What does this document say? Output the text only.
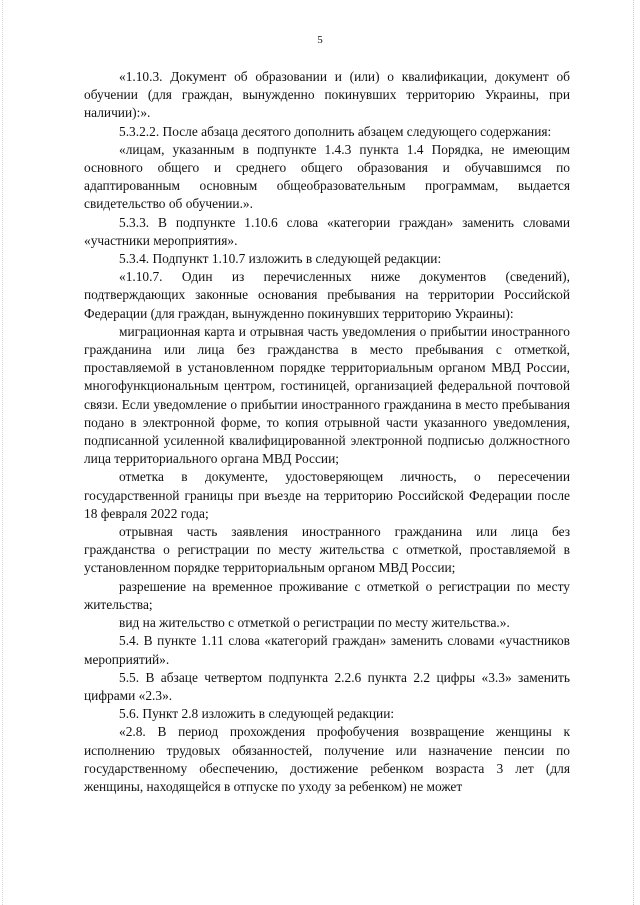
5

«1.10.3. Документ об образовании и (или) о квалификации, документ об обучении (для граждан, вынужденно покинувших территорию Украины, при наличии):».

5.3.2.2. После абзаца десятого дополнить абзацем следующего содержания:

«лицам, указанным в подпункте 1.4.3 пункта 1.4 Порядка, не имеющим основного общего и среднего общего образования и обучавшимся по адаптированным основным общеобразовательным программам, выдается свидетельство об обучении.».

5.3.3. В подпункте 1.10.6 слова «категории граждан» заменить словами «участники мероприятия».

5.3.4. Подпункт 1.10.7 изложить в следующей редакции:

«1.10.7. Один из перечисленных ниже документов (сведений), подтверждающих законные основания пребывания на территории Российской Федерации (для граждан, вынужденно покинувших территорию Украины):

миграционная карта и отрывная часть уведомления о прибытии иностранного гражданина или лица без гражданства в место пребывания с отметкой, проставляемой в установленном порядке территориальным органом МВД России, многофункциональным центром, гостиницей, организацией федеральной почтовой связи. Если уведомление о прибытии иностранного гражданина в место пребывания подано в электронной форме, то копия отрывной части указанного уведомления, подписанной усиленной квалифицированной электронной подписью должностного лица территориального органа МВД России;

отметка в документе, удостоверяющем личность, о пересечении государственной границы при въезде на территорию Российской Федерации после 18 февраля 2022 года;

отрывная часть заявления иностранного гражданина или лица без гражданства о регистрации по месту жительства с отметкой, проставляемой в установленном порядке территориальным органом МВД России;

разрешение на временное проживание с отметкой о регистрации по месту жительства;

вид на жительство с отметкой о регистрации по месту жительства.».

5.4. В пункте 1.11 слова «категорий граждан» заменить словами «участников мероприятий».

5.5. В абзаце четвертом подпункта 2.2.6 пункта 2.2 цифры «3.3» заменить цифрами «2.3».

5.6. Пункт 2.8 изложить в следующей редакции:

«2.8. В период прохождения профобучения возвращение женщины к исполнению трудовых обязанностей, получение или назначение пенсии по государственному обеспечению, достижение ребенком возраста 3 лет (для женщины, находящейся в отпуске по уходу за ребенком) не может
